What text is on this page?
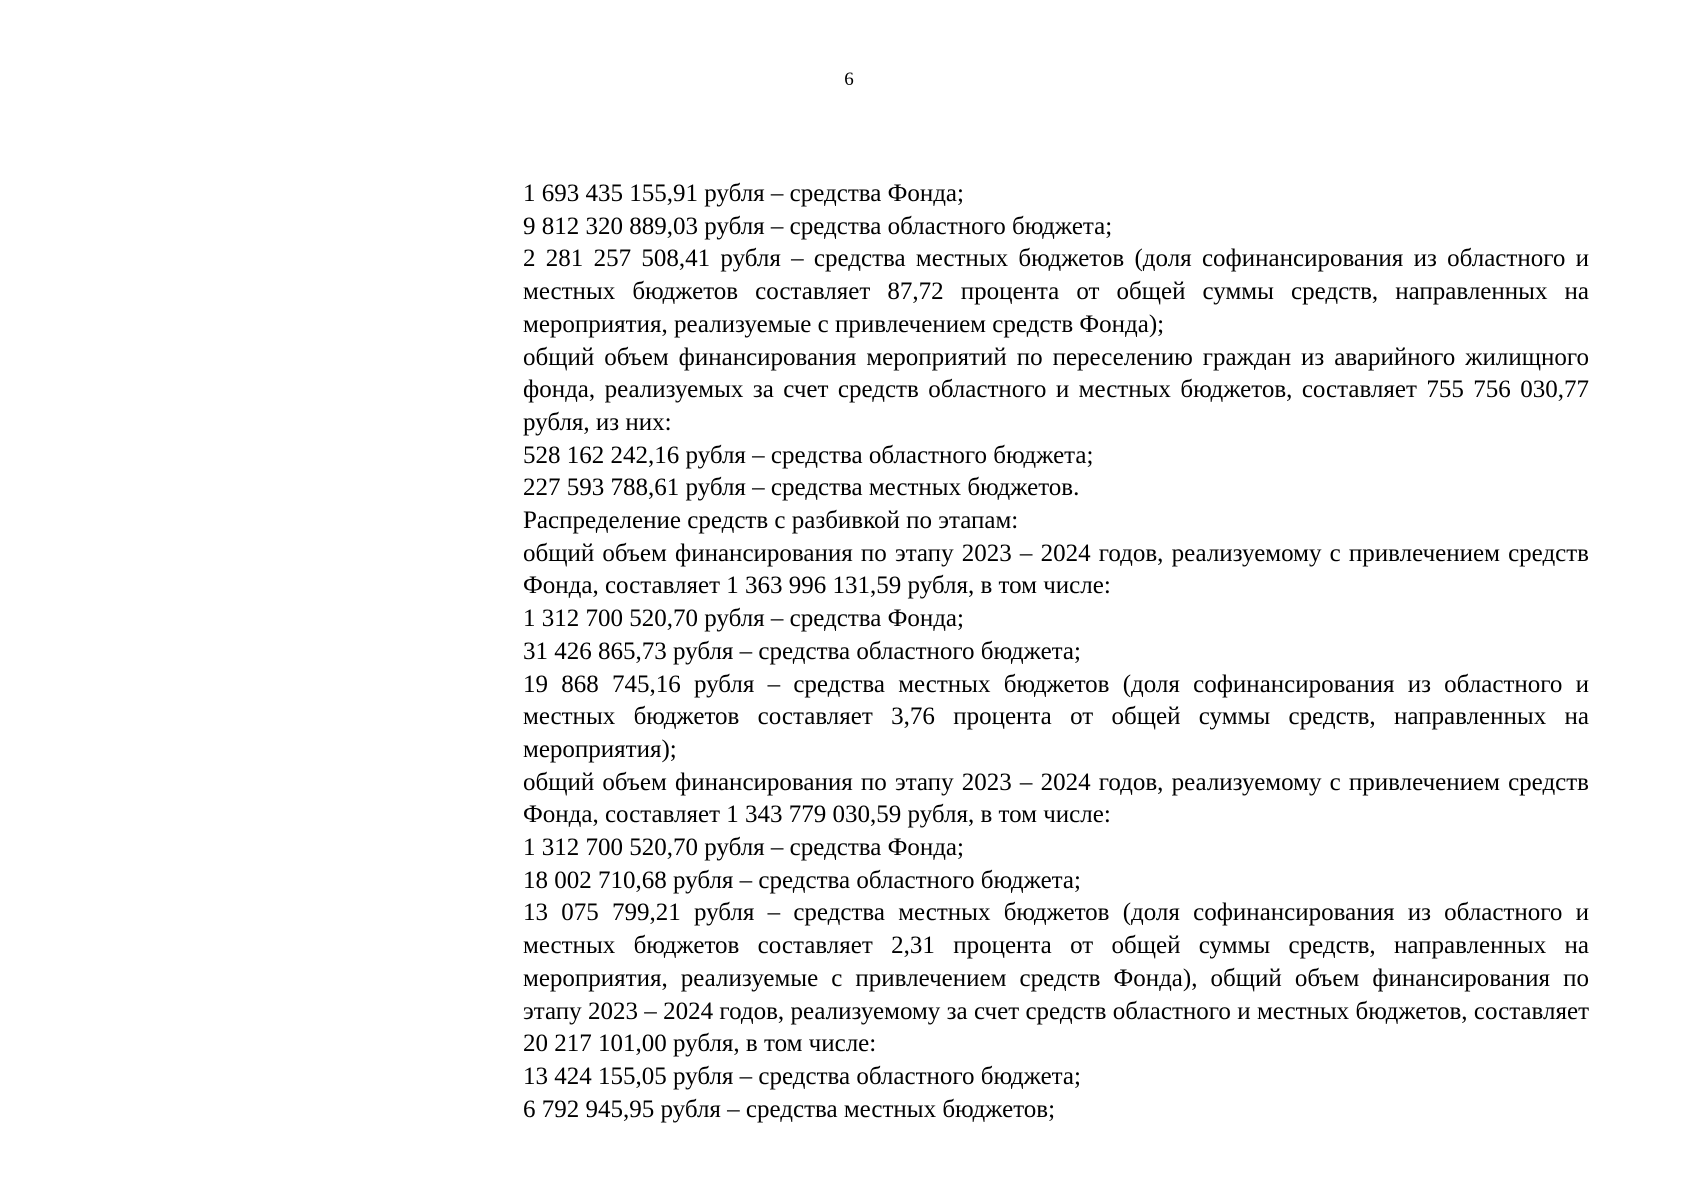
6

1 693 435 155,91 рубля – средства Фонда;

9 812 320 889,03 рубля – средства областного бюджета;

2 281 257 508,41 рубля – средства местных бюджетов (доля софинансирования из областного и местных бюджетов составляет 87,72 процента от общей суммы средств, направленных на мероприятия, реализуемые с привлечением средств Фонда);

общий объем финансирования мероприятий по переселению граждан из аварийного жилищного фонда, реализуемых за счет средств областного и местных бюджетов, составляет 755 756 030,77 рубля, из них:

528 162 242,16 рубля – средства областного бюджета;

227 593 788,61 рубля – средства местных бюджетов.

Распределение средств с разбивкой по этапам:

общий объем финансирования по этапу 2023 – 2024 годов, реализуемому с привлечением средств Фонда, составляет 1 363 996 131,59 рубля, в том числе:

1 312 700 520,70 рубля – средства Фонда;

31 426 865,73 рубля – средства областного бюджета;

19 868 745,16 рубля – средства местных бюджетов (доля софинансирования из областного и местных бюджетов составляет 3,76 процента от общей суммы средств, направленных на мероприятия);

общий объем финансирования по этапу 2023 – 2024 годов, реализуемому с привлечением средств Фонда, составляет 1 343 779 030,59 рубля, в том числе:

1 312 700 520,70 рубля – средства Фонда;

18 002 710,68 рубля – средства областного бюджета;

13 075 799,21 рубля – средства местных бюджетов (доля софинансирования из областного и местных бюджетов составляет 2,31 процента от общей суммы средств, направленных на мероприятия, реализуемые с привлечением средств Фонда), общий объем финансирования по этапу 2023 – 2024 годов, реализуемому за счет средств областного и местных бюджетов, составляет 20 217 101,00 рубля, в том числе:

13 424 155,05 рубля – средства областного бюджета;

6 792 945,95 рубля – средства местных бюджетов;
